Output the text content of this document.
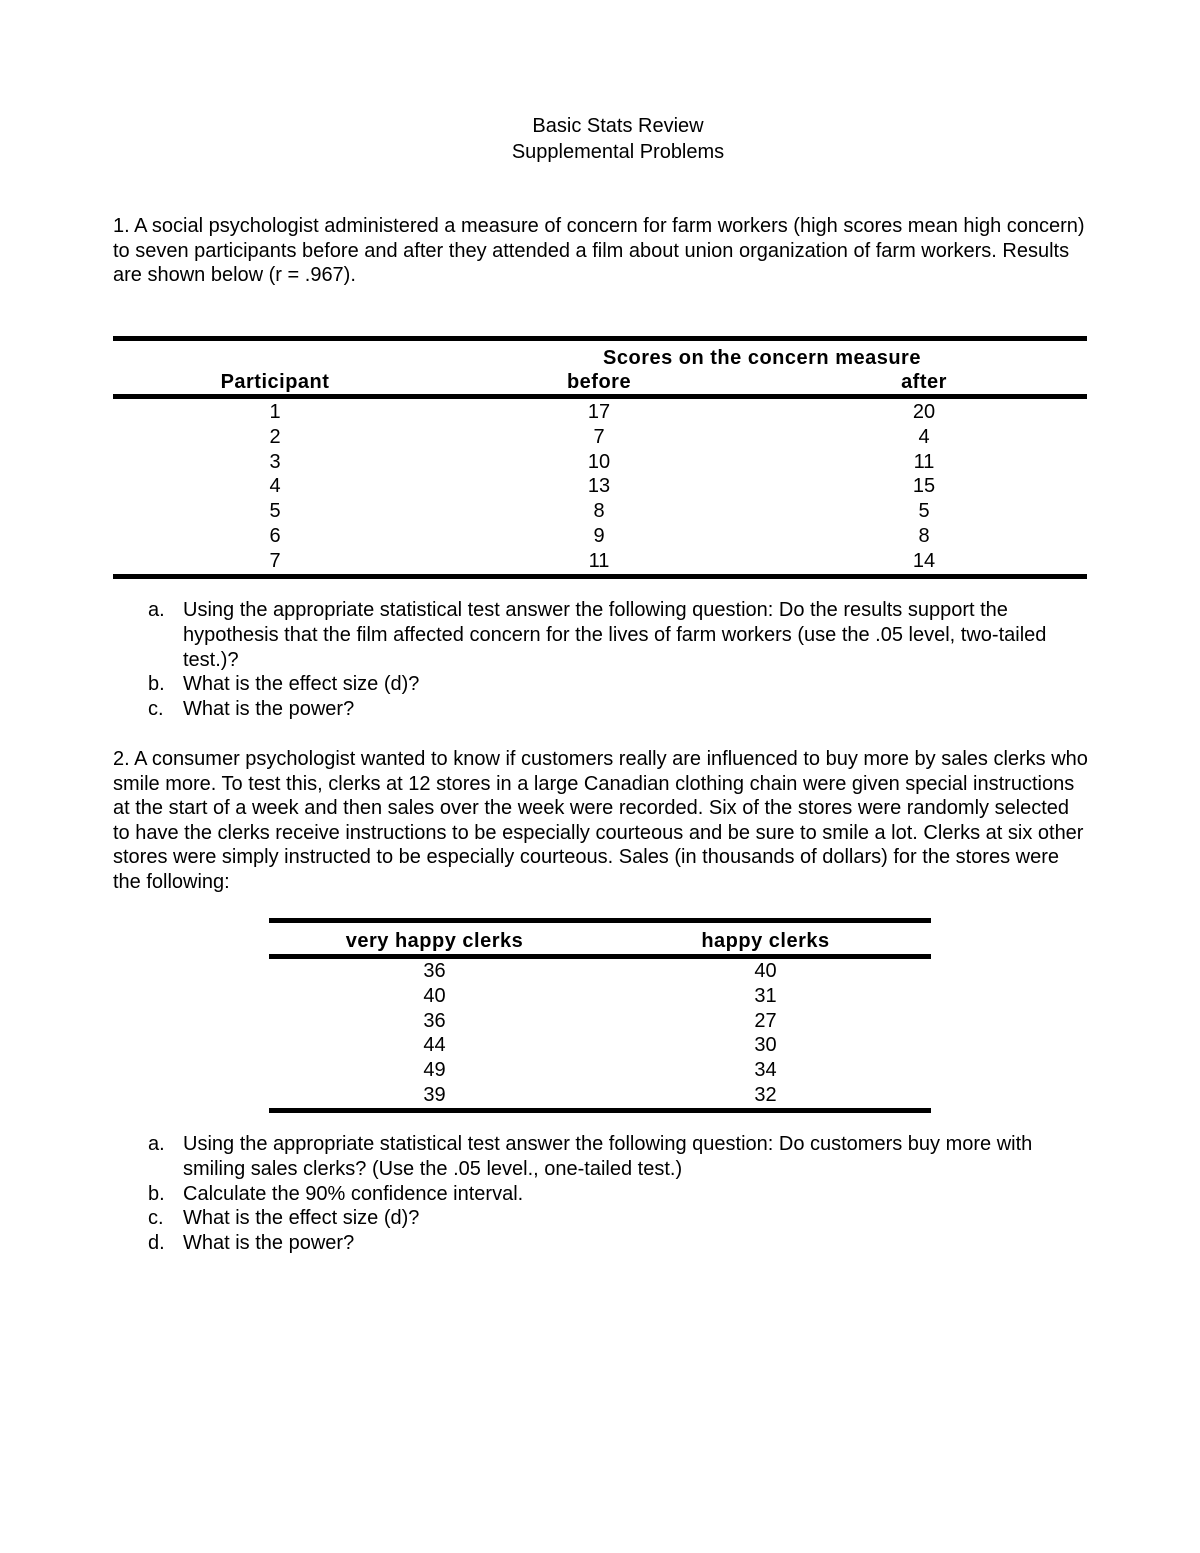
Basic Stats Review
Supplemental Problems
1. A social psychologist administered a measure of concern for farm workers (high scores mean high concern) to seven participants before and after they attended a film about union organization of farm workers. Results are shown below (r = .967).
	Scores on the concern measure	
Participant	before	after
1	17	20
2	7	4
3	10	11
4	13	15
5	8	5
6	9	8
7	11	14
a. Using the appropriate statistical test answer the following question: Do the results support the hypothesis that the film affected concern for the lives of farm workers (use the .05 level, two-tailed test.)?
b. What is the effect size (d)?
c. What is the power?
2. A consumer psychologist wanted to know if customers really are influenced to buy more by sales clerks who smile more. To test this, clerks at 12 stores in a large Canadian clothing chain were given special instructions at the start of a week and then sales over the week were recorded. Six of the stores were randomly selected to have the clerks receive instructions to be especially courteous and be sure to smile a lot. Clerks at six other stores were simply instructed to be especially courteous. Sales (in thousands of dollars) for the stores were the following:
very happy clerks	happy clerks
36	40
40	31
36	27
44	30
49	34
39	32
a. Using the appropriate statistical test answer the following question: Do customers buy more with smiling sales clerks? (Use the .05 level., one-tailed test.)
b. Calculate the 90% confidence interval.
c. What is the effect size (d)?
d. What is the power?
